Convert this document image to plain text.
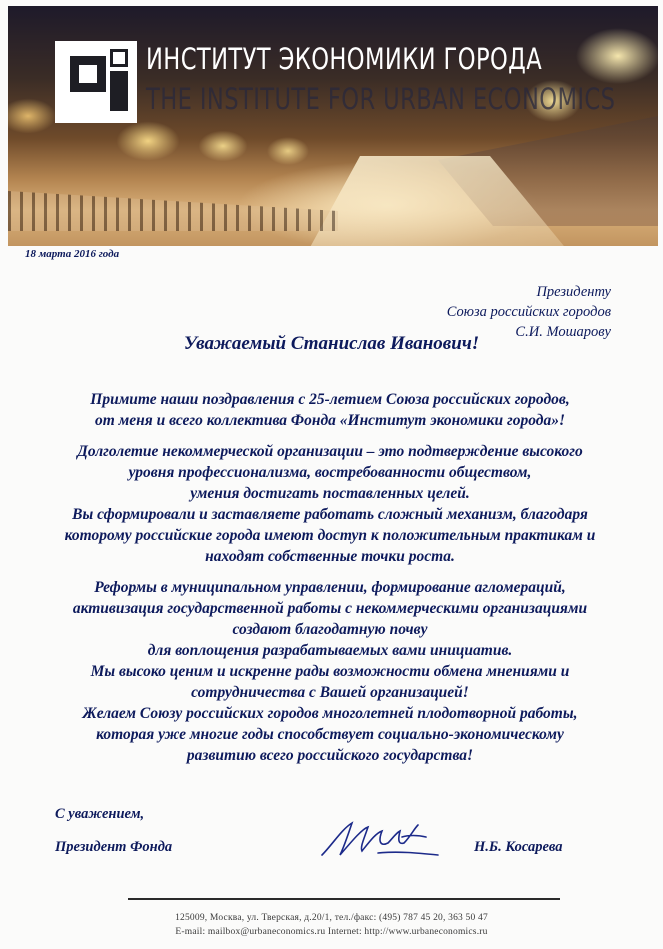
ИНСТИТУТ ЭКОНОМИКИ ГОРОДА
THE INSTITUTE FOR URBAN ECONOMICS
18 марта 2016 года
Президенту
Союза российских городов
С.И. Мошарову
Уважаемый Станислав Иванович!
Примите наши поздравления с 25-летием Союза российских городов,
от меня и всего коллектива Фонда «Институт экономики города»!
Долголетие некоммерческой организации – это подтверждение высокого
уровня профессионализма, востребованности обществом,
умения достигать поставленных целей.
Вы сформировали и заставляете работать сложный механизм, благодаря
которому российские города имеют доступ к положительным практикам и
находят собственные точки роста.
Реформы в муниципальном управлении, формирование агломераций,
активизация государственной работы с некоммерческими организациями
создают благодатную почву
для воплощения разрабатываемых вами инициатив.
Мы высоко ценим и искренне рады возможности обмена мнениями и
сотрудничества с Вашей организацией!
Желаем Союзу российских городов многолетней плодотворной работы,
которая уже многие годы способствует социально-экономическому
развитию всего российского государства!
С уважением,
Президент Фонда	Н.Б. Косарева
125009, Москва, ул. Тверская, д.20/1, тел./факс: (495) 787 45 20, 363 50 47
E-mail: mailbox@urbaneconomics.ru Internet: http://www.urbaneconomics.ru
